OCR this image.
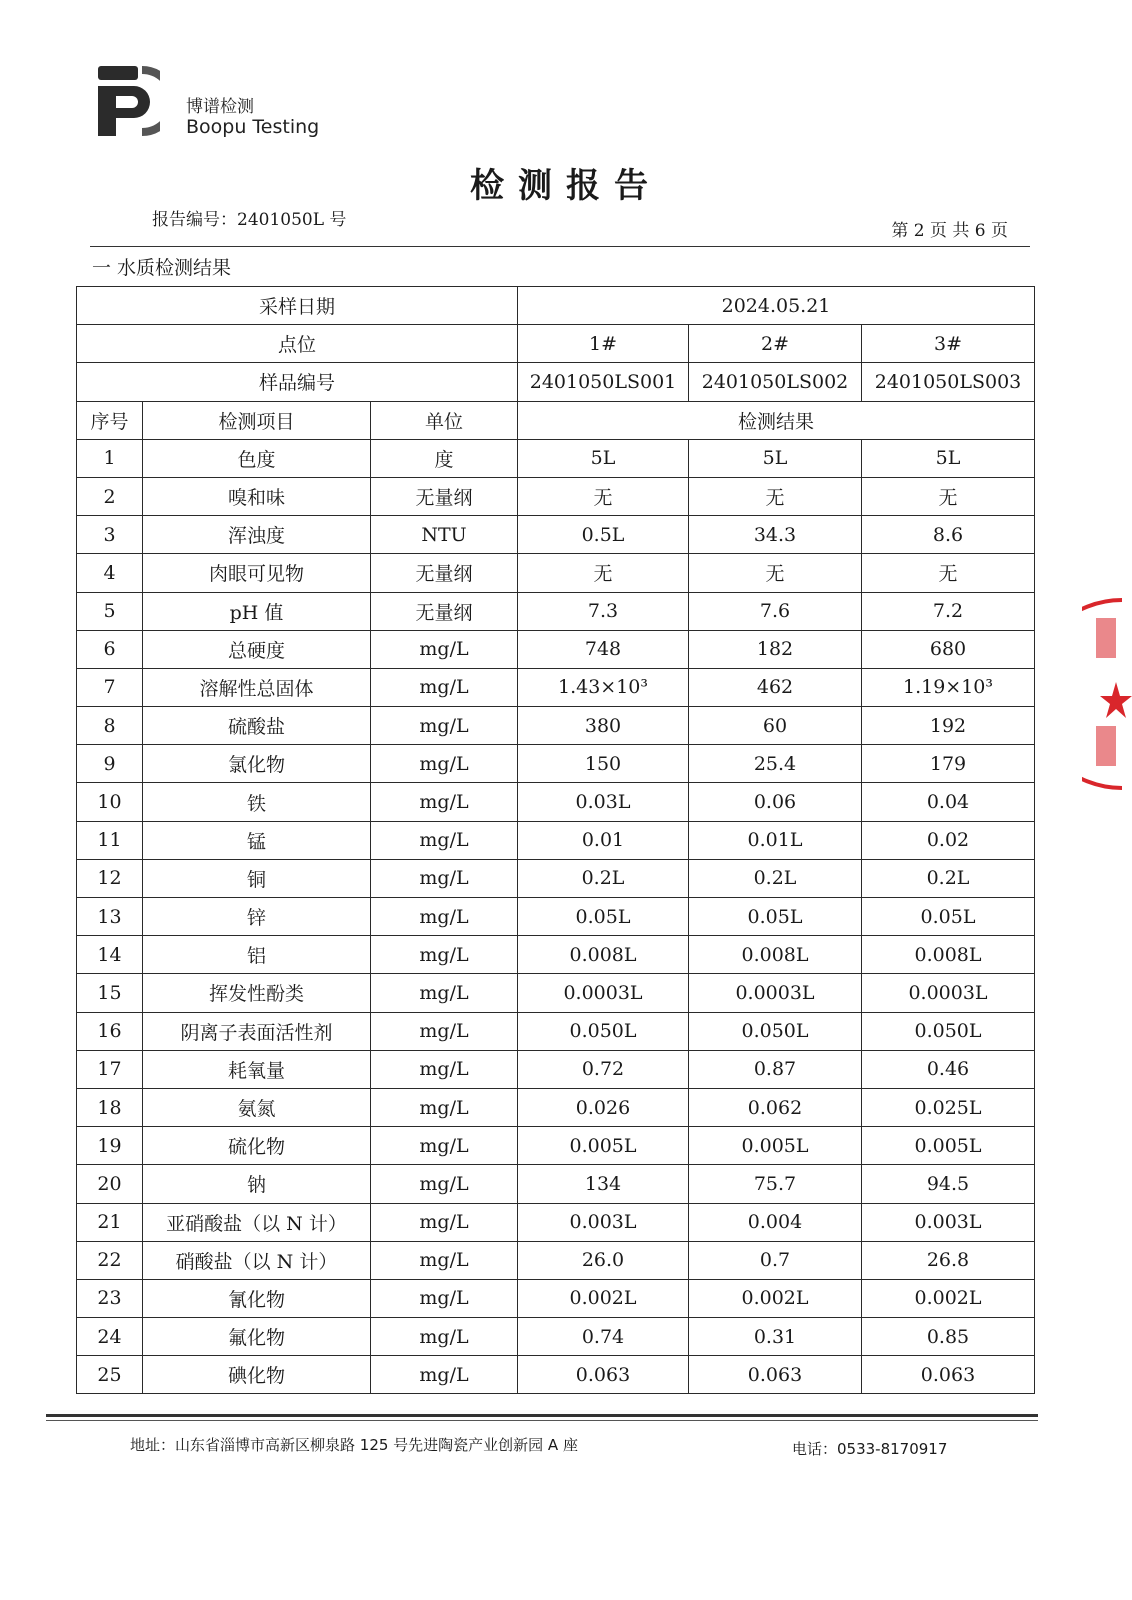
博谱检测
Boopu Testing
检测报告
报告编号：2401050L 号
第 2 页 共 6 页
一 水质检测结果
采样日期			2024.05.21		
点位			1#	2#	3#
样品编号			2401050LS001	2401050LS002	2401050LS003
序号	检测项目	单位	检测结果		
1	色度	度	5L	5L	5L
2	嗅和味	无量纲	无	无	无
3	浑浊度	NTU	0.5L	34.3	8.6
4	肉眼可见物	无量纲	无	无	无
5	pH 值	无量纲	7.3	7.6	7.2
6	总硬度	mg/L	748	182	680
7	溶解性总固体	mg/L	1.43×10³	462	1.19×10³
8	硫酸盐	mg/L	380	60	192
9	氯化物	mg/L	150	25.4	179
10	铁	mg/L	0.03L	0.06	0.04
11	锰	mg/L	0.01	0.01L	0.02
12	铜	mg/L	0.2L	0.2L	0.2L
13	锌	mg/L	0.05L	0.05L	0.05L
14	铝	mg/L	0.008L	0.008L	0.008L
15	挥发性酚类	mg/L	0.0003L	0.0003L	0.0003L
16	阴离子表面活性剂	mg/L	0.050L	0.050L	0.050L
17	耗氧量	mg/L	0.72	0.87	0.46
18	氨氮	mg/L	0.026	0.062	0.025L
19	硫化物	mg/L	0.005L	0.005L	0.005L
20	钠	mg/L	134	75.7	94.5
21	亚硝酸盐（以 N 计）	mg/L	0.003L	0.004	0.003L
22	硝酸盐（以 N 计）	mg/L	26.0	0.7	26.8
23	氰化物	mg/L	0.002L	0.002L	0.002L
24	氟化物	mg/L	0.74	0.31	0.85
25	碘化物	mg/L	0.063	0.063	0.063
地址：山东省淄博市高新区柳泉路 125 号先进陶瓷产业创新园 A 座	电话：0533-8170917
